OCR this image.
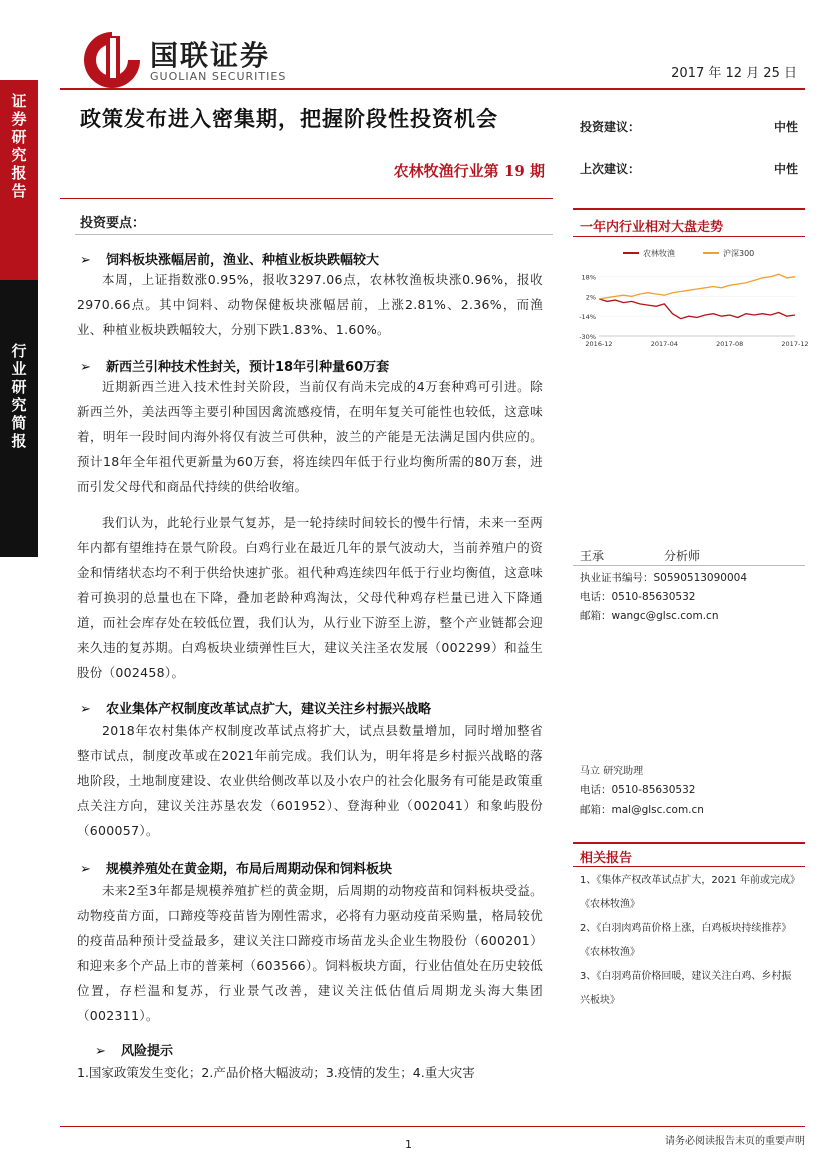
证
券
研
究
报
告
行
业
研
究
简
报
国联证券
GUOLIAN SECURITIES	2017 年 12 月 25 日
政策发布进入密集期，把握阶段性投资机会
农林牧渔行业第 19 期
投资建议：	中性
上次建议：	中性
投资要点：
➢ 饲料板块涨幅居前，渔业、种植业板块跌幅较大
本周，上证指数涨0.95%，报收3297.06点，农林牧渔板块涨0.96%，报收2970.66点。其中饲料、动物保健板块涨幅居前，上涨2.81%、2.36%，而渔业、种植业板块跌幅较大，分别下跌1.83%、1.60%。
➢ 新西兰引种技术性封关，预计18年引种量60万套
近期新西兰进入技术性封关阶段，当前仅有尚未完成的4万套种鸡可引进。除新西兰外，美法西等主要引种国因禽流感疫情，在明年复关可能性也较低，这意味着，明年一段时间内海外将仅有波兰可供种，波兰的产能是无法满足国内供应的。预计18年全年祖代更新量为60万套，将连续四年低于行业均衡所需的80万套，进而引发父母代和商品代持续的供给收缩。
我们认为，此轮行业景气复苏，是一轮持续时间较长的慢牛行情，未来一至两年内都有望维持在景气阶段。白鸡行业在最近几年的景气波动大，当前养殖户的资金和情绪状态均不利于供给快速扩张。祖代种鸡连续四年低于行业均衡值，这意味着可换羽的总量也在下降，叠加老龄种鸡淘汰，父母代种鸡存栏量已进入下降通道，而社会库存处在较低位置，我们认为，从行业下游至上游，整个产业链都会迎来久违的复苏期。白鸡板块业绩弹性巨大，建议关注圣农发展（002299）和益生股份（002458）。
➢ 农业集体产权制度改革试点扩大，建议关注乡村振兴战略
2018年农村集体产权制度改革试点将扩大，试点县数量增加，同时增加整省整市试点，制度改革或在2021年前完成。我们认为，明年将是乡村振兴战略的落地阶段，土地制度建设、农业供给侧改革以及小农户的社会化服务有可能是政策重点关注方向，建议关注苏垦农发（601952）、登海种业（002041）和象屿股份（600057）。
➢ 规模养殖处在黄金期，布局后周期动保和饲料板块
未来2至3年都是规模养殖扩栏的黄金期，后周期的动物疫苗和饲料板块受益。动物疫苗方面，口蹄疫等疫苗皆为刚性需求，必将有力驱动疫苗采购量，格局较优的疫苗品种预计受益最多，建议关注口蹄疫市场苗龙头企业生物股份（600201）和迎来多个产品上市的普莱柯（603566）。饲料板块方面，行业估值处在历史较低位置，存栏温和复苏，行业景气改善，建议关注低估值后周期龙头海大集团（002311）。
➢ 风险提示
1.国家政策发生变化；2.产品价格大幅波动；3.疫情的发生；4.重大灾害
一年内行业相对大盘走势
农林牧渔	沪深300
18%
2%
-14%
-30%
2016-12	2017-04	2017-08	2017-12
王承	分析师
执业证书编号：S0590513090004
电话：0510-85630532
邮箱：wangc@glsc.com.cn
马立 研究助理
电话：0510-85630532
邮箱：mal@glsc.com.cn
相关报告
1、《集体产权改革试点扩大，2021 年前或完成》
《农林牧渔》
2、《白羽肉鸡苗价格上涨，白鸡板块持续推荐》
《农林牧渔》
3、《白羽鸡苗价格回暖，建议关注白鸡、乡村振
兴板块》
1	请务必阅读报告末页的重要声明
